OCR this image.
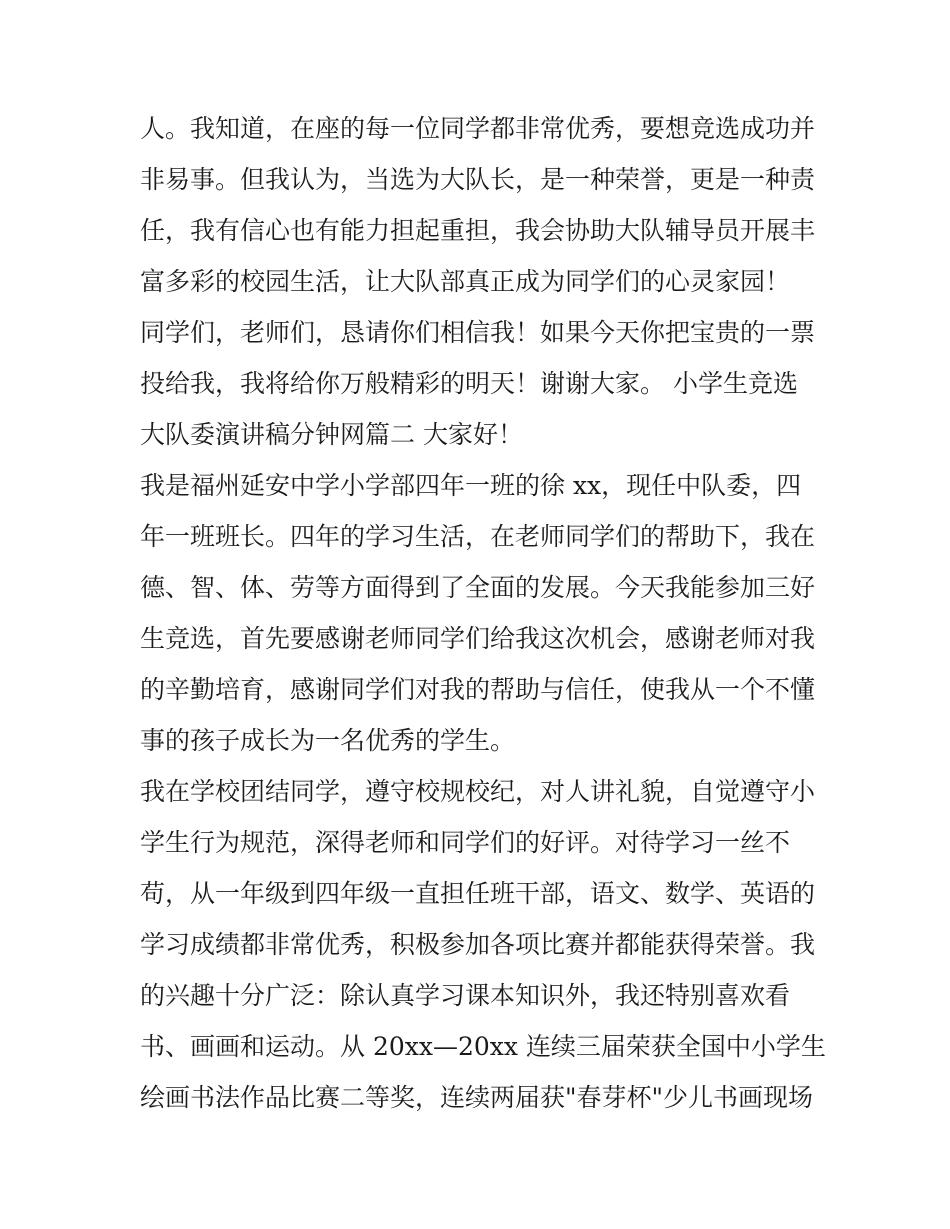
人。我知道，在座的每一位同学都非常优秀，要想竞选成功并
非易事。但我认为，当选为大队长，是一种荣誉，更是一种责
任，我有信心也有能力担起重担，我会协助大队辅导员开展丰
富多彩的校园生活，让大队部真正成为同学们的心灵家园！
同学们，老师们，恳请你们相信我！如果今天你把宝贵的一票
投给我，我将给你万般精彩的明天！谢谢大家。 小学生竞选
大队委演讲稿分钟网篇二 大家好！
我是福州延安中学小学部四年一班的徐 xx，现任中队委，四
年一班班长。四年的学习生活，在老师同学们的帮助下，我在
德、智、体、劳等方面得到了全面的发展。今天我能参加三好
生竞选，首先要感谢老师同学们给我这次机会，感谢老师对我
的辛勤培育，感谢同学们对我的帮助与信任，使我从一个不懂
事的孩子成长为一名优秀的学生。
我在学校团结同学，遵守校规校纪，对人讲礼貌，自觉遵守小
学生行为规范，深得老师和同学们的好评。对待学习一丝不
苟，从一年级到四年级一直担任班干部，语文、数学、英语的
学习成绩都非常优秀，积极参加各项比赛并都能获得荣誉。我
的兴趣十分广泛：除认真学习课本知识外，我还特别喜欢看
书、画画和运动。从 20xx—20xx 连续三届荣获全国中小学生
绘画书法作品比赛二等奖，连续两届获"春芽杯"少儿书画现场
